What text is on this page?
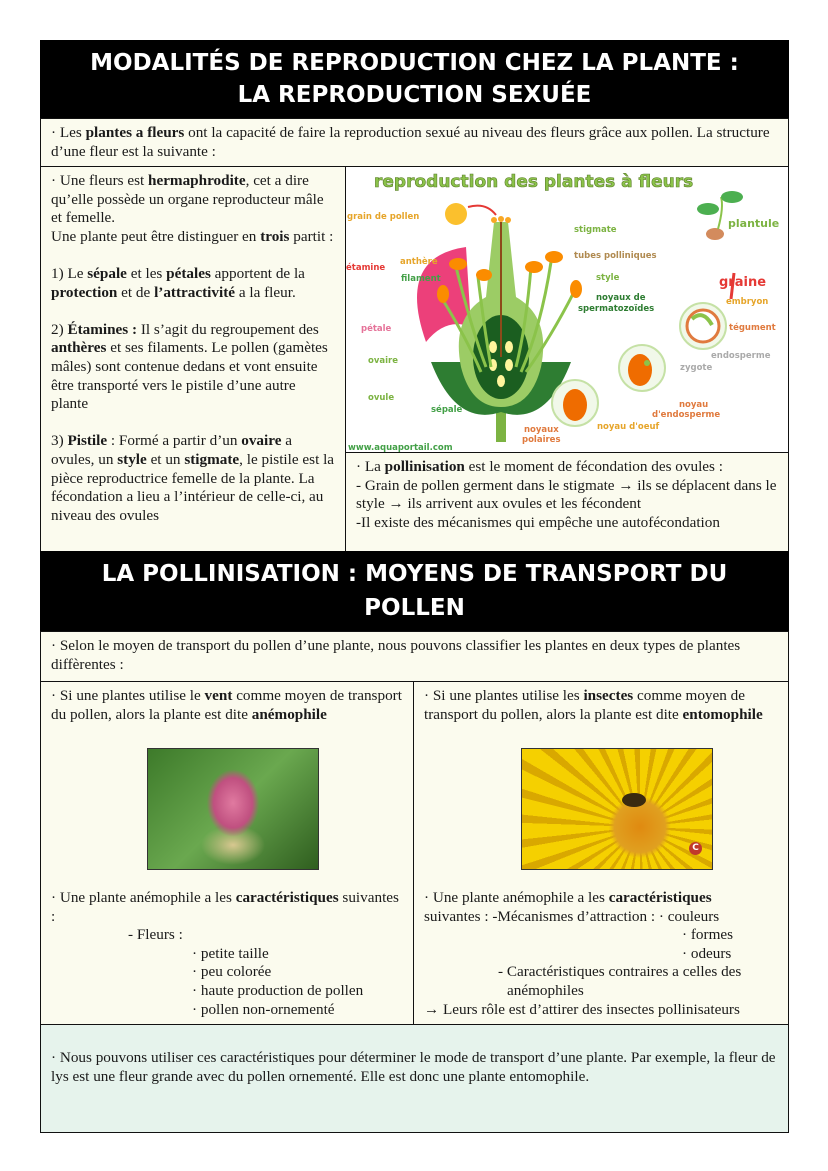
MODALITÉS DE REPRODUCTION CHEZ LA PLANTE :
LA REPRODUCTION SEXUÉE

· Les plantes a fleurs ont la capacité de faire la reproduction sexué au niveau des fleurs grâce aux pollen. La structure d’une fleur est la suivante :

· Une fleurs est hermaphrodite, cet a dire qu’elle possède un organe reproducteur mâle et femelle.

Une plante peut être distinguer en trois partit :

1) Le sépale et les pétales apportent de la protection et de l’attractivité a la fleur.

2) Étamines : Il s’agit du regroupement des anthères et ses filaments. Le pollen (gamètes mâles) sont contenue dedans et vont ensuite être transporté vers le pistile d’une autre plante

3) Pistile : Formé a partir d’un ovaire a ovules, un style et un stigmate, le pistile est la pièce reproductrice femelle de la plante. La fécondation a lieu a l’intérieur de celle-ci, au niveau des ovules

reproduction des plantes à fleurs
grain de pollen
stigmate
étamine
anthère
filament
tubes polliniques
style
noyaux de
spermatozoïdes
pétale
ovaire
ovule
sépale
noyaux
polaires
noyau d'oeuf
noyau
d'endosperme
zygote
endosperme
tégument
embryon
graine
plantule
www.aquaportail.com

· La pollinisation est le moment de fécondation des ovules :

- Grain de pollen germent dans le stigmate → ils se déplacent dans le style → ils arrivent aux ovules et les fécondent

-Il existe des mécanismes qui empêche une autofécondation

LA POLLINISATION : MOYENS DE TRANSPORT DU
POLLEN

· Selon le moyen de transport du pollen d’une plante, nous pouvons classifier les plantes en deux types de plantes diffèrentes :

· Si une plantes utilise le vent comme moyen de transport du pollen, alors la plante est dite anémophile

· Une plante anémophile a les caractéristiques suivantes :

- Fleurs :

· petite taille

· peu colorée

· haute production de pollen

· pollen non-ornementé

· Si une plantes utilise les insectes comme moyen de transport du pollen, alors la plante est dite entomophile

C

· Une plante anémophile a les caractéristiques

suivantes : -Mécanismes d’attraction : · couleurs

· formes

· odeurs

- Caractéristiques contraires a celles des

anémophiles

→ Leurs rôle est d’attirer des insectes pollinisateurs

· Nous pouvons utiliser ces caractéristiques pour déterminer le mode de transport d’une plante. Par exemple, la fleur de lys est une fleur grande avec du pollen ornementé. Elle est donc une plante entomophile.
